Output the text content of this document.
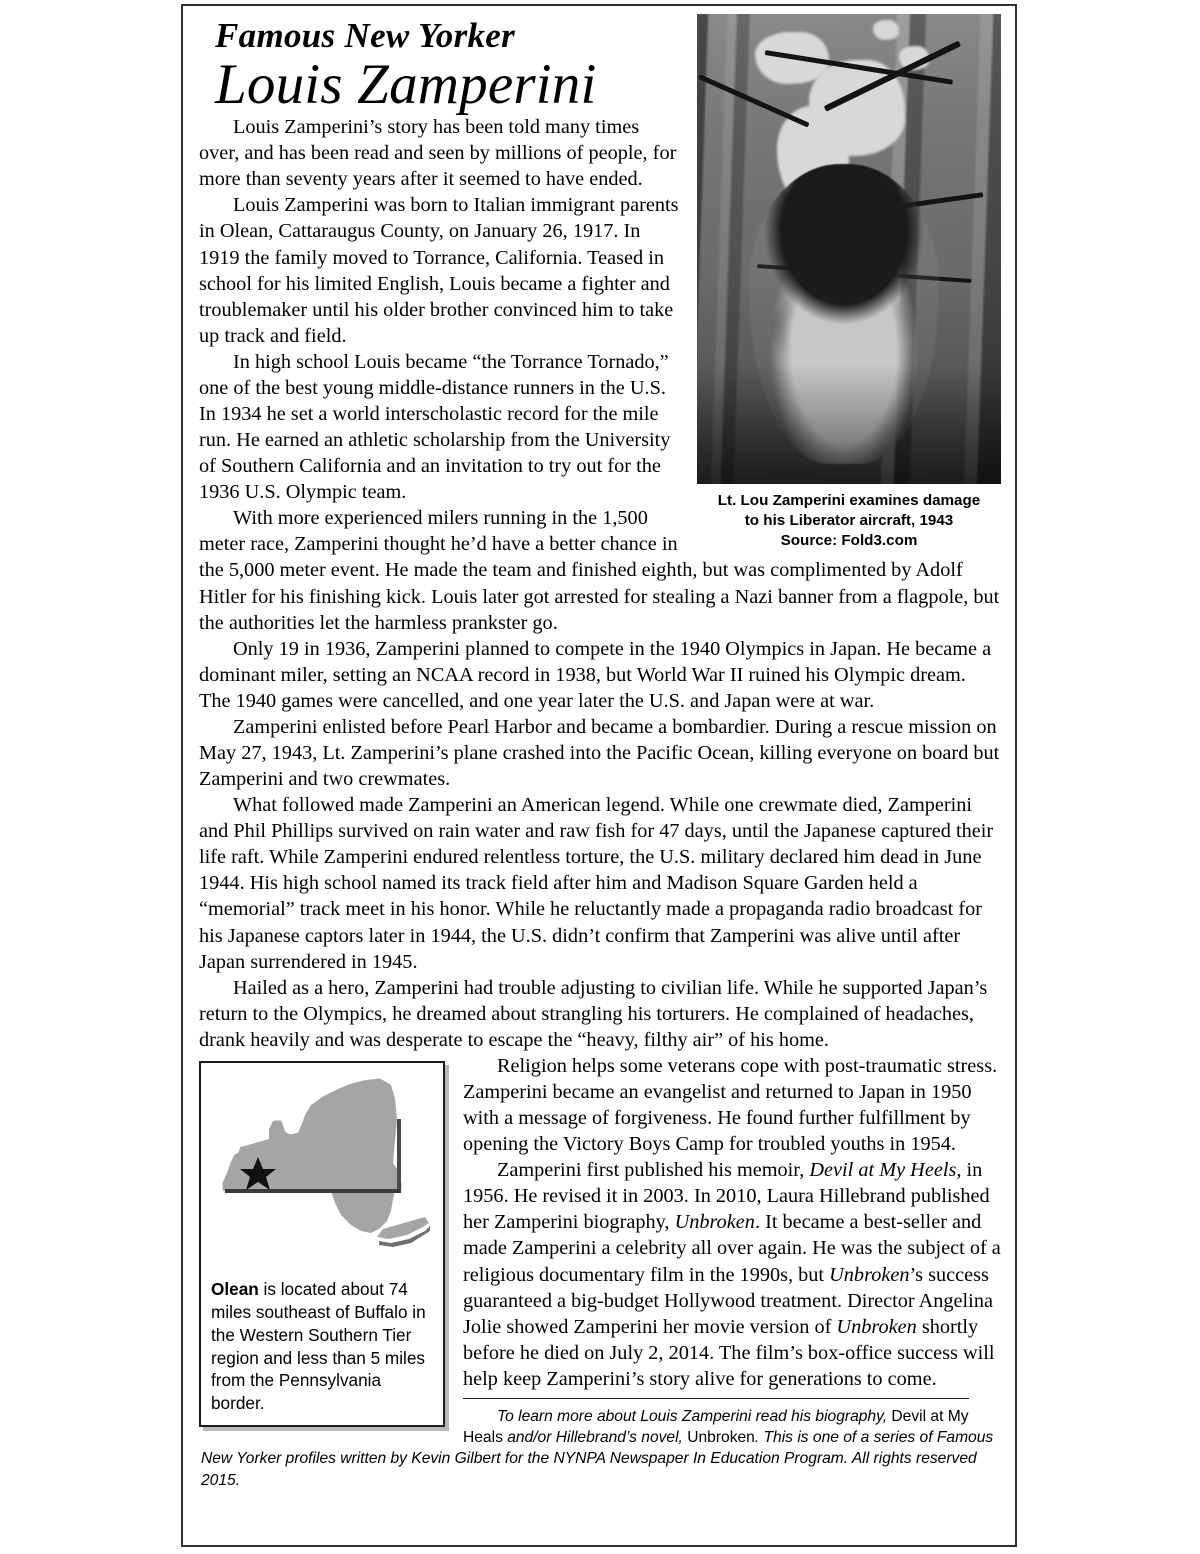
Lt. Lou Zamperini examines damage
to his Liberator aircraft, 1943
Source: Fold3.com
Famous New Yorker
Louis Zamperini

Louis Zamperini’s story has been told many times over, and has been read and seen by millions of people, for more than seventy years after it seemed to have ended.

Louis Zamperini was born to Italian immigrant parents in Olean, Cattaraugus County, on January 26, 1917. In 1919 the family moved to Torrance, California. Teased in school for his limited English, Louis became a fighter and troublemaker until his older brother convinced him to take up track and field.

In high school Louis became “the Torrance Tornado,” one of the best young middle-distance runners in the U.S. In 1934 he set a world interscholastic record for the mile run. He earned an athletic scholarship from the University of Southern California and an invitation to try out for the 1936 U.S. Olympic team.

With more experienced milers running in the 1,500 meter race, Zamperini thought he’d have a better chance in the 5,000 meter event. He made the team and finished eighth, but was complimented by Adolf Hitler for his finishing kick. Louis later got arrested for stealing a Nazi banner from a flagpole, but the authorities let the harmless prankster go.

Only 19 in 1936, Zamperini planned to compete in the 1940 Olympics in Japan. He became a dominant miler, setting an NCAA record in 1938, but World War II ruined his Olympic dream. The 1940 games were cancelled, and one year later the U.S. and Japan were at war.

Zamperini enlisted before Pearl Harbor and became a bombardier. During a rescue mission on May 27, 1943, Lt. Zamperini’s plane crashed into the Pacific Ocean, killing everyone on board but Zamperini and two crewmates.

What followed made Zamperini an American legend. While one crewmate died, Zamperini and Phil Phillips survived on rain water and raw fish for 47 days, until the Japanese captured their life raft. While Zamperini endured relentless torture, the U.S. military declared him dead in June 1944. His high school named its track field after him and Madison Square Garden held a “memorial” track meet in his honor. While he reluctantly made a propaganda radio broadcast for his Japanese captors later in 1944, the U.S. didn’t confirm that Zamperini was alive until after Japan surrendered in 1945.

Hailed as a hero, Zamperini had trouble adjusting to civilian life. While he supported Japan’s return to the Olympics, he dreamed about strangling his torturers. He complained of headaches, drank heavily and was desperate to escape the “heavy, filthy air” of his home.

Olean is located about 74 miles southeast of Buffalo in the Western Southern Tier region and less than 5 miles from the Pennsylvania border.

Religion helps some veterans cope with post-traumatic stress. Zamperini became an evangelist and returned to Japan in 1950 with a message of forgiveness. He found further fulfillment by opening the Victory Boys Camp for troubled youths in 1954.

Zamperini first published his memoir, Devil at My Heels, in 1956. He revised it in 2003. In 2010, Laura Hillebrand published her Zamperini biography, Unbroken. It became a best-seller and made Zamperini a celebrity all over again. He was the subject of a religious documentary film in the 1990s, but Unbroken’s success guaranteed a big-budget Hollywood treatment. Director Angelina Jolie showed Zamperini her movie version of Unbroken shortly before he died on July 2, 2014. The film’s box-office success will help keep Zamperini’s story alive for generations to come.

To learn more about Louis Zamperini read his biography, Devil at My Heals and/or Hillebrand’s novel, Unbroken. This is one of a series of Famous New Yorker profiles written by Kevin Gilbert for the NYNPA Newspaper In Education Program. All rights reserved 2015.
